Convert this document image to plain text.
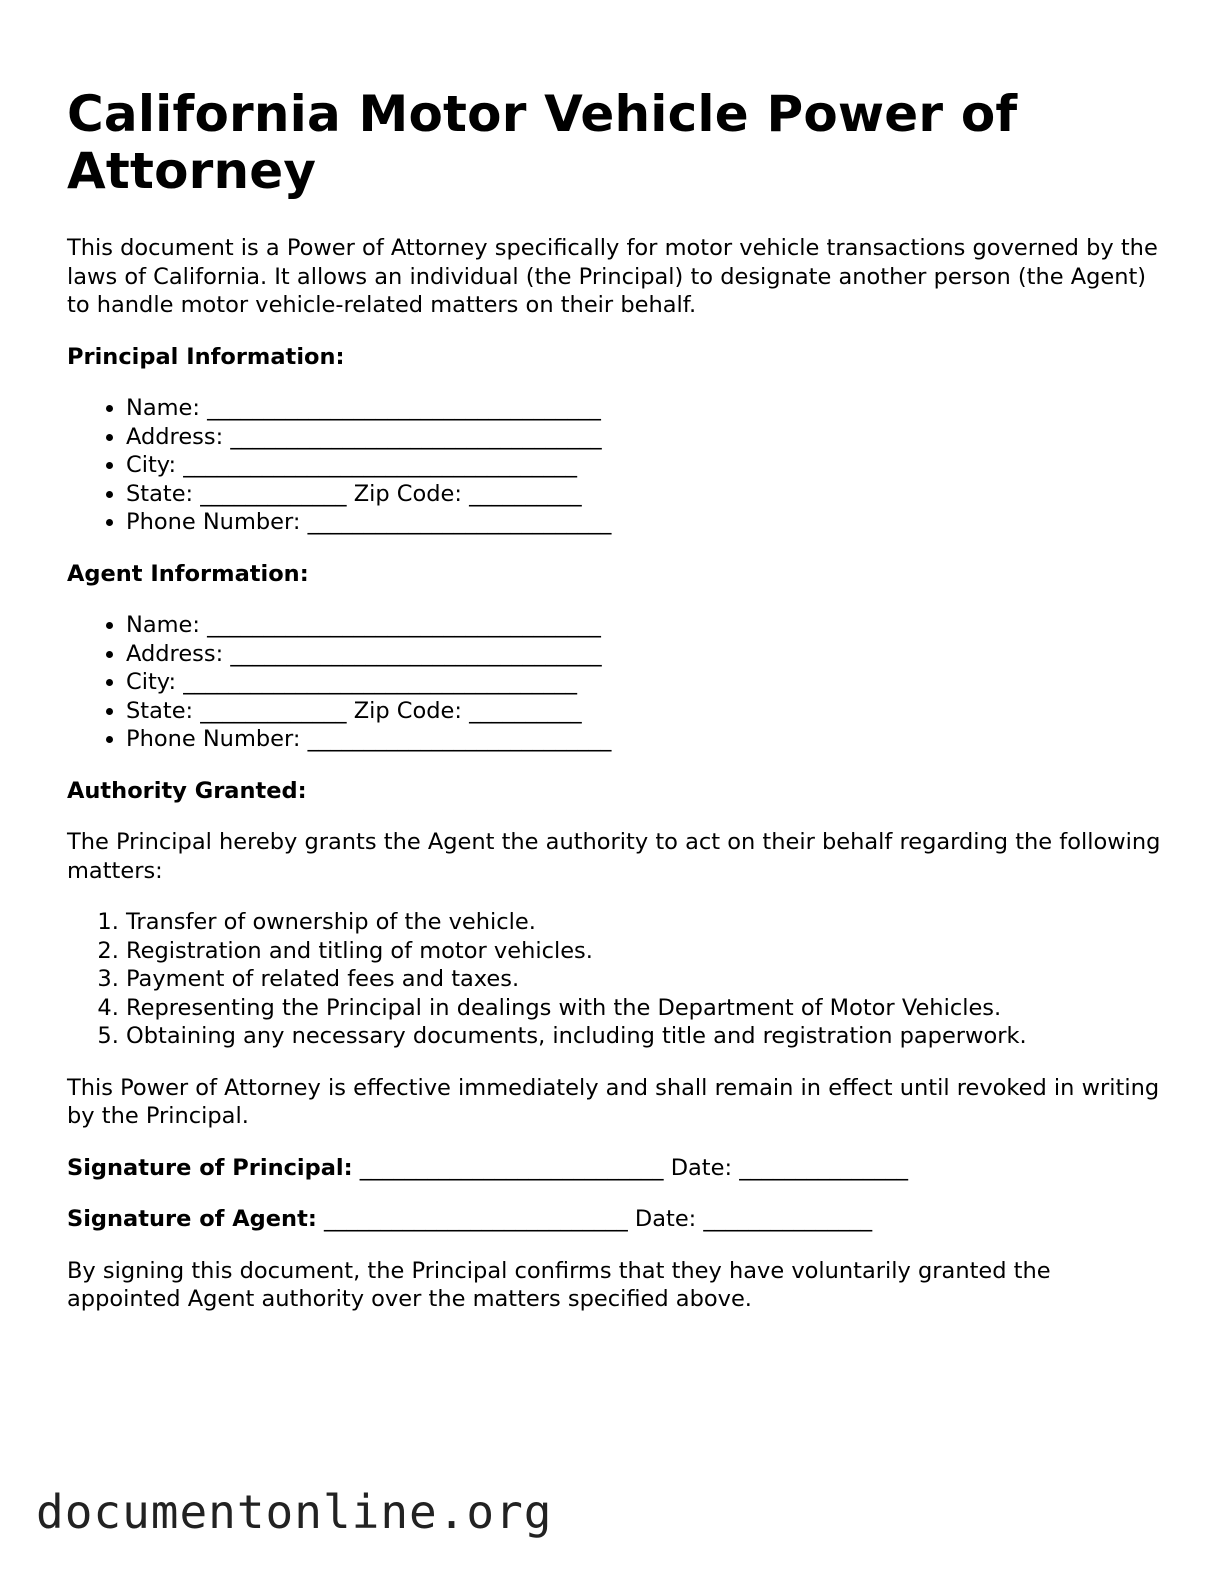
California Motor Vehicle Power of Attorney

This document is a Power of Attorney specifically for motor vehicle transactions governed by the laws of California. It allows an individual (the Principal) to designate another person (the Agent) to handle motor vehicle-related matters on their behalf.

Principal Information:
• Name: ___________________________________
• Address: _________________________________
• City: ___________________________________
• State: _____________ Zip Code: __________
• Phone Number: ___________________________
Agent Information:
• Name: ___________________________________
• Address: _________________________________
• City: ___________________________________
• State: _____________ Zip Code: __________
• Phone Number: ___________________________
Authority Granted:

The Principal hereby grants the Agent the authority to act on their behalf regarding the following matters:

1. Transfer of ownership of the vehicle.
2. Registration and titling of motor vehicles.
3. Payment of related fees and taxes.
4. Representing the Principal in dealings with the Department of Motor Vehicles.
5. Obtaining any necessary documents, including title and registration paperwork.

This Power of Attorney is effective immediately and shall remain in effect until revoked in writing by the Principal.

Signature of Principal: ___________________________ Date: _______________
Signature of Agent: ___________________________ Date: _______________

By signing this document, the Principal confirms that they have voluntarily granted the appointed Agent authority over the matters specified above.

documentonline.org
